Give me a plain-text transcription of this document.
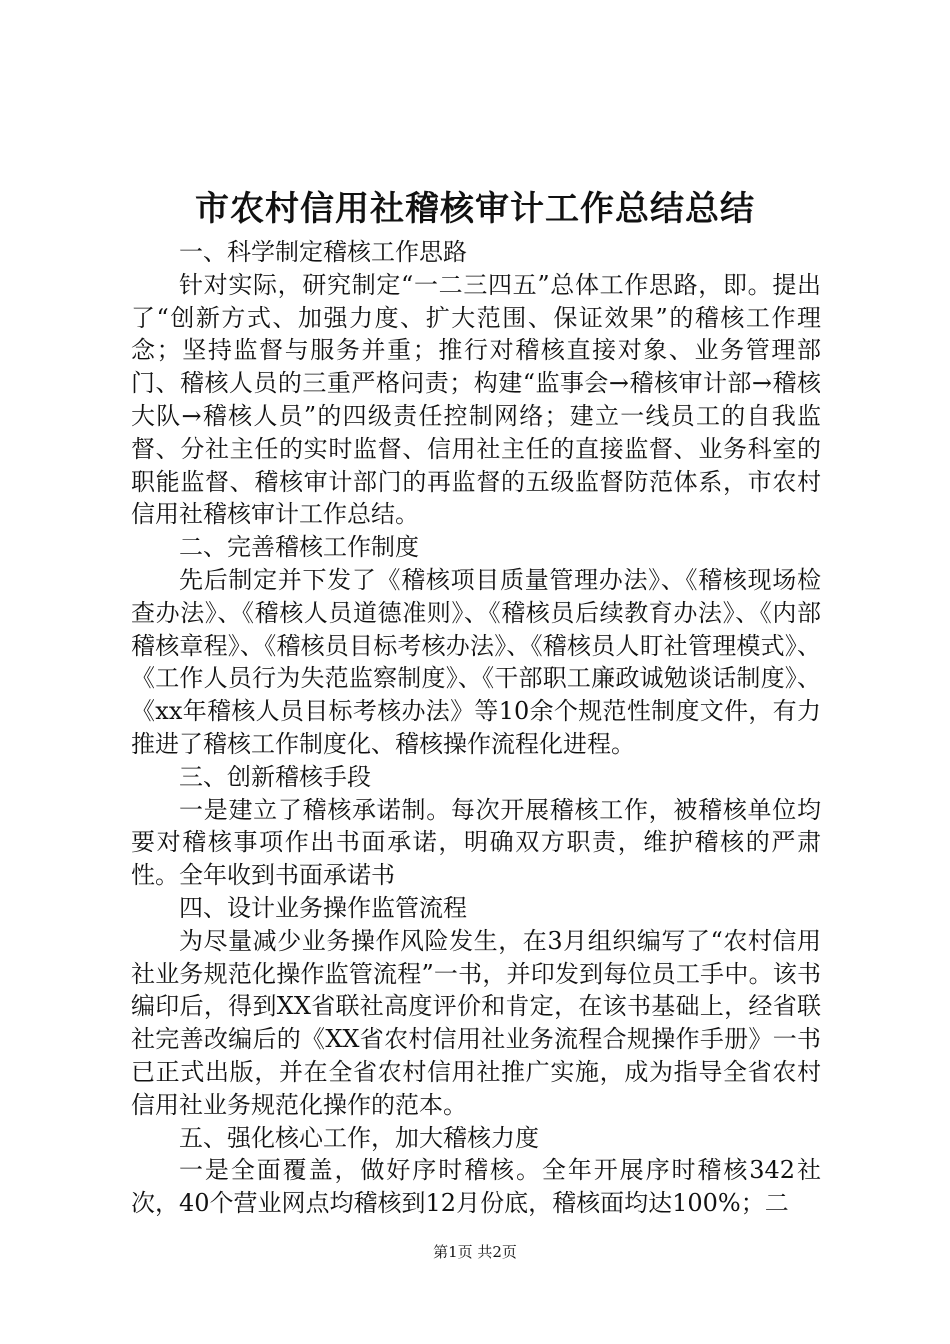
市农村信用社稽核审计工作总结总结

一、科学制定稽核工作思路

针对实际，研究制定“一二三四五”总体工作思路，即。提出了“创新方式、加强力度、扩大范围、保证效果”的稽核工作理念；坚持监督与服务并重；推行对稽核直接对象、业务管理部门、稽核人员的三重严格问责；构建“监事会→稽核审计部→稽核大队→稽核人员”的四级责任控制网络；建立一线员工的自我监督、分社主任的实时监督、信用社主任的直接监督、业务科室的职能监督、稽核审计部门的再监督的五级监督防范体系，市农村信用社稽核审计工作总结。

二、完善稽核工作制度

先后制定并下发了《稽核项目质量管理办法》、《稽核现场检查办法》、《稽核人员道德准则》、《稽核员后续教育办法》、《内部稽核章程》、《稽核员目标考核办法》、《稽核员人盯社管理模式》、《工作人员行为失范监察制度》、《干部职工廉政诚勉谈话制度》、《xx年稽核人员目标考核办法》等10余个规范性制度文件，有力推进了稽核工作制度化、稽核操作流程化进程。

三、创新稽核手段

一是建立了稽核承诺制。每次开展稽核工作，被稽核单位均要对稽核事项作出书面承诺，明确双方职责，维护稽核的严肃性。全年收到书面承诺书

四、设计业务操作监管流程

为尽量减少业务操作风险发生，在3月组织编写了“农村信用社业务规范化操作监管流程”一书，并印发到每位员工手中。该书编印后，得到XX省联社高度评价和肯定，在该书基础上，经省联社完善改编后的《XX省农村信用社业务流程合规操作手册》一书已正式出版，并在全省农村信用社推广实施，成为指导全省农村信用社业务规范化操作的范本。

五、强化核心工作，加大稽核力度

一是全面覆盖，做好序时稽核。全年开展序时稽核342社次，40个营业网点均稽核到12月份底，稽核面均达100%；二

第1页 共2页
